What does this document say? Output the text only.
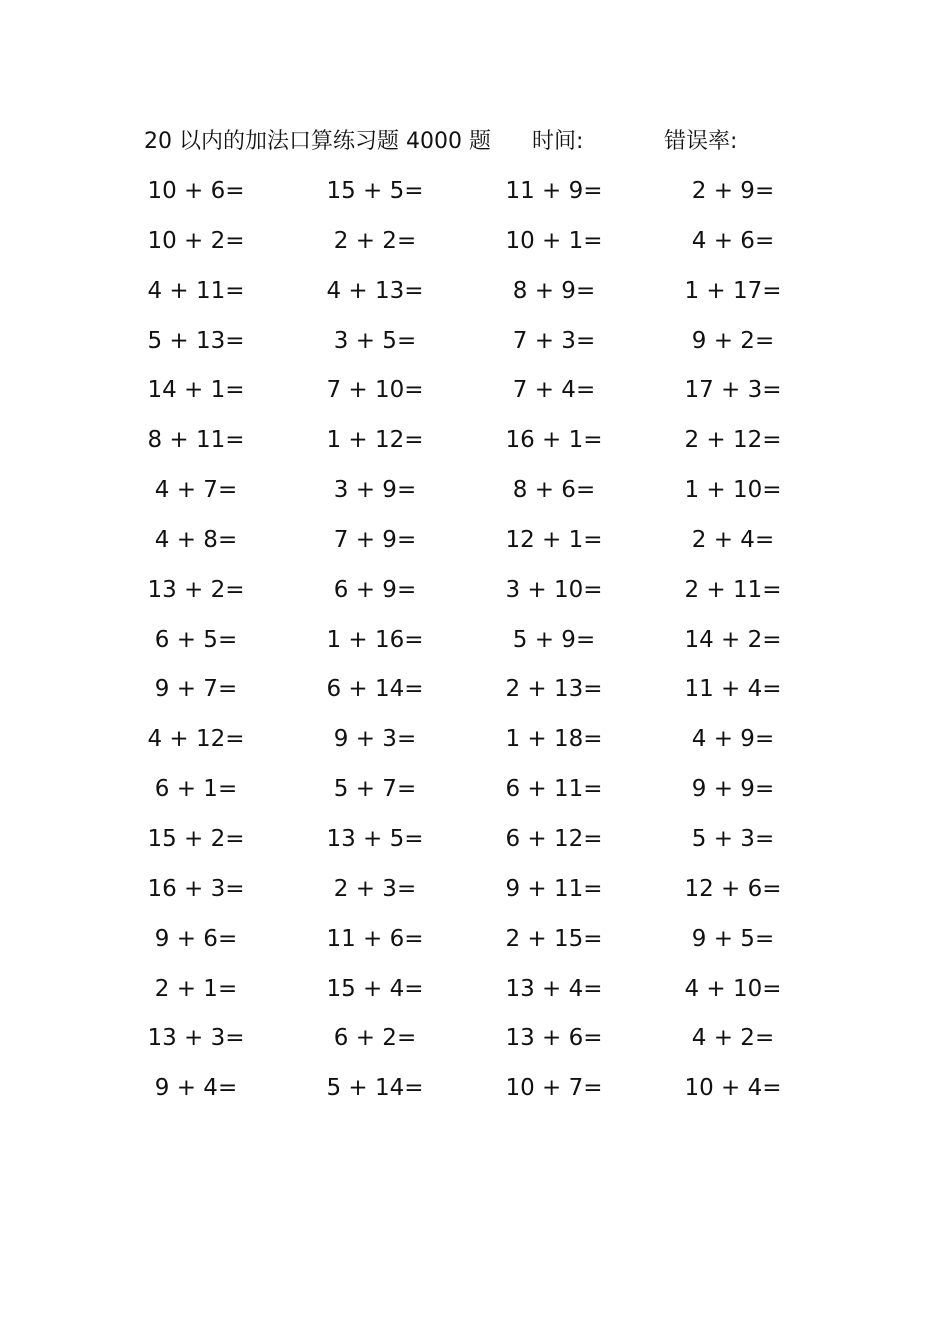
20 以内的加法口算练习题 4000 题 时间:	错误率:
10 + 6=	15 + 5=	11 + 9=	2 + 9=
10 + 2=	2 + 2=	10 + 1=	4 + 6=
4 + 11=	4 + 13=	8 + 9=	1 + 17=
5 + 13=	3 + 5=	7 + 3=	9 + 2=
14 + 1=	7 + 10=	7 + 4=	17 + 3=
8 + 11=	1 + 12=	16 + 1=	2 + 12=
4 + 7=	3 + 9=	8 + 6=	1 + 10=
4 + 8=	7 + 9=	12 + 1=	2 + 4=
13 + 2=	6 + 9=	3 + 10=	2 + 11=
6 + 5=	1 + 16=	5 + 9=	14 + 2=
9 + 7=	6 + 14=	2 + 13=	11 + 4=
4 + 12=	9 + 3=	1 + 18=	4 + 9=
6 + 1=	5 + 7=	6 + 11=	9 + 9=
15 + 2=	13 + 5=	6 + 12=	5 + 3=
16 + 3=	2 + 3=	9 + 11=	12 + 6=
9 + 6=	11 + 6=	2 + 15=	9 + 5=
2 + 1=	15 + 4=	13 + 4=	4 + 10=
13 + 3=	6 + 2=	13 + 6=	4 + 2=
9 + 4=	5 + 14=	10 + 7=	10 + 4=
